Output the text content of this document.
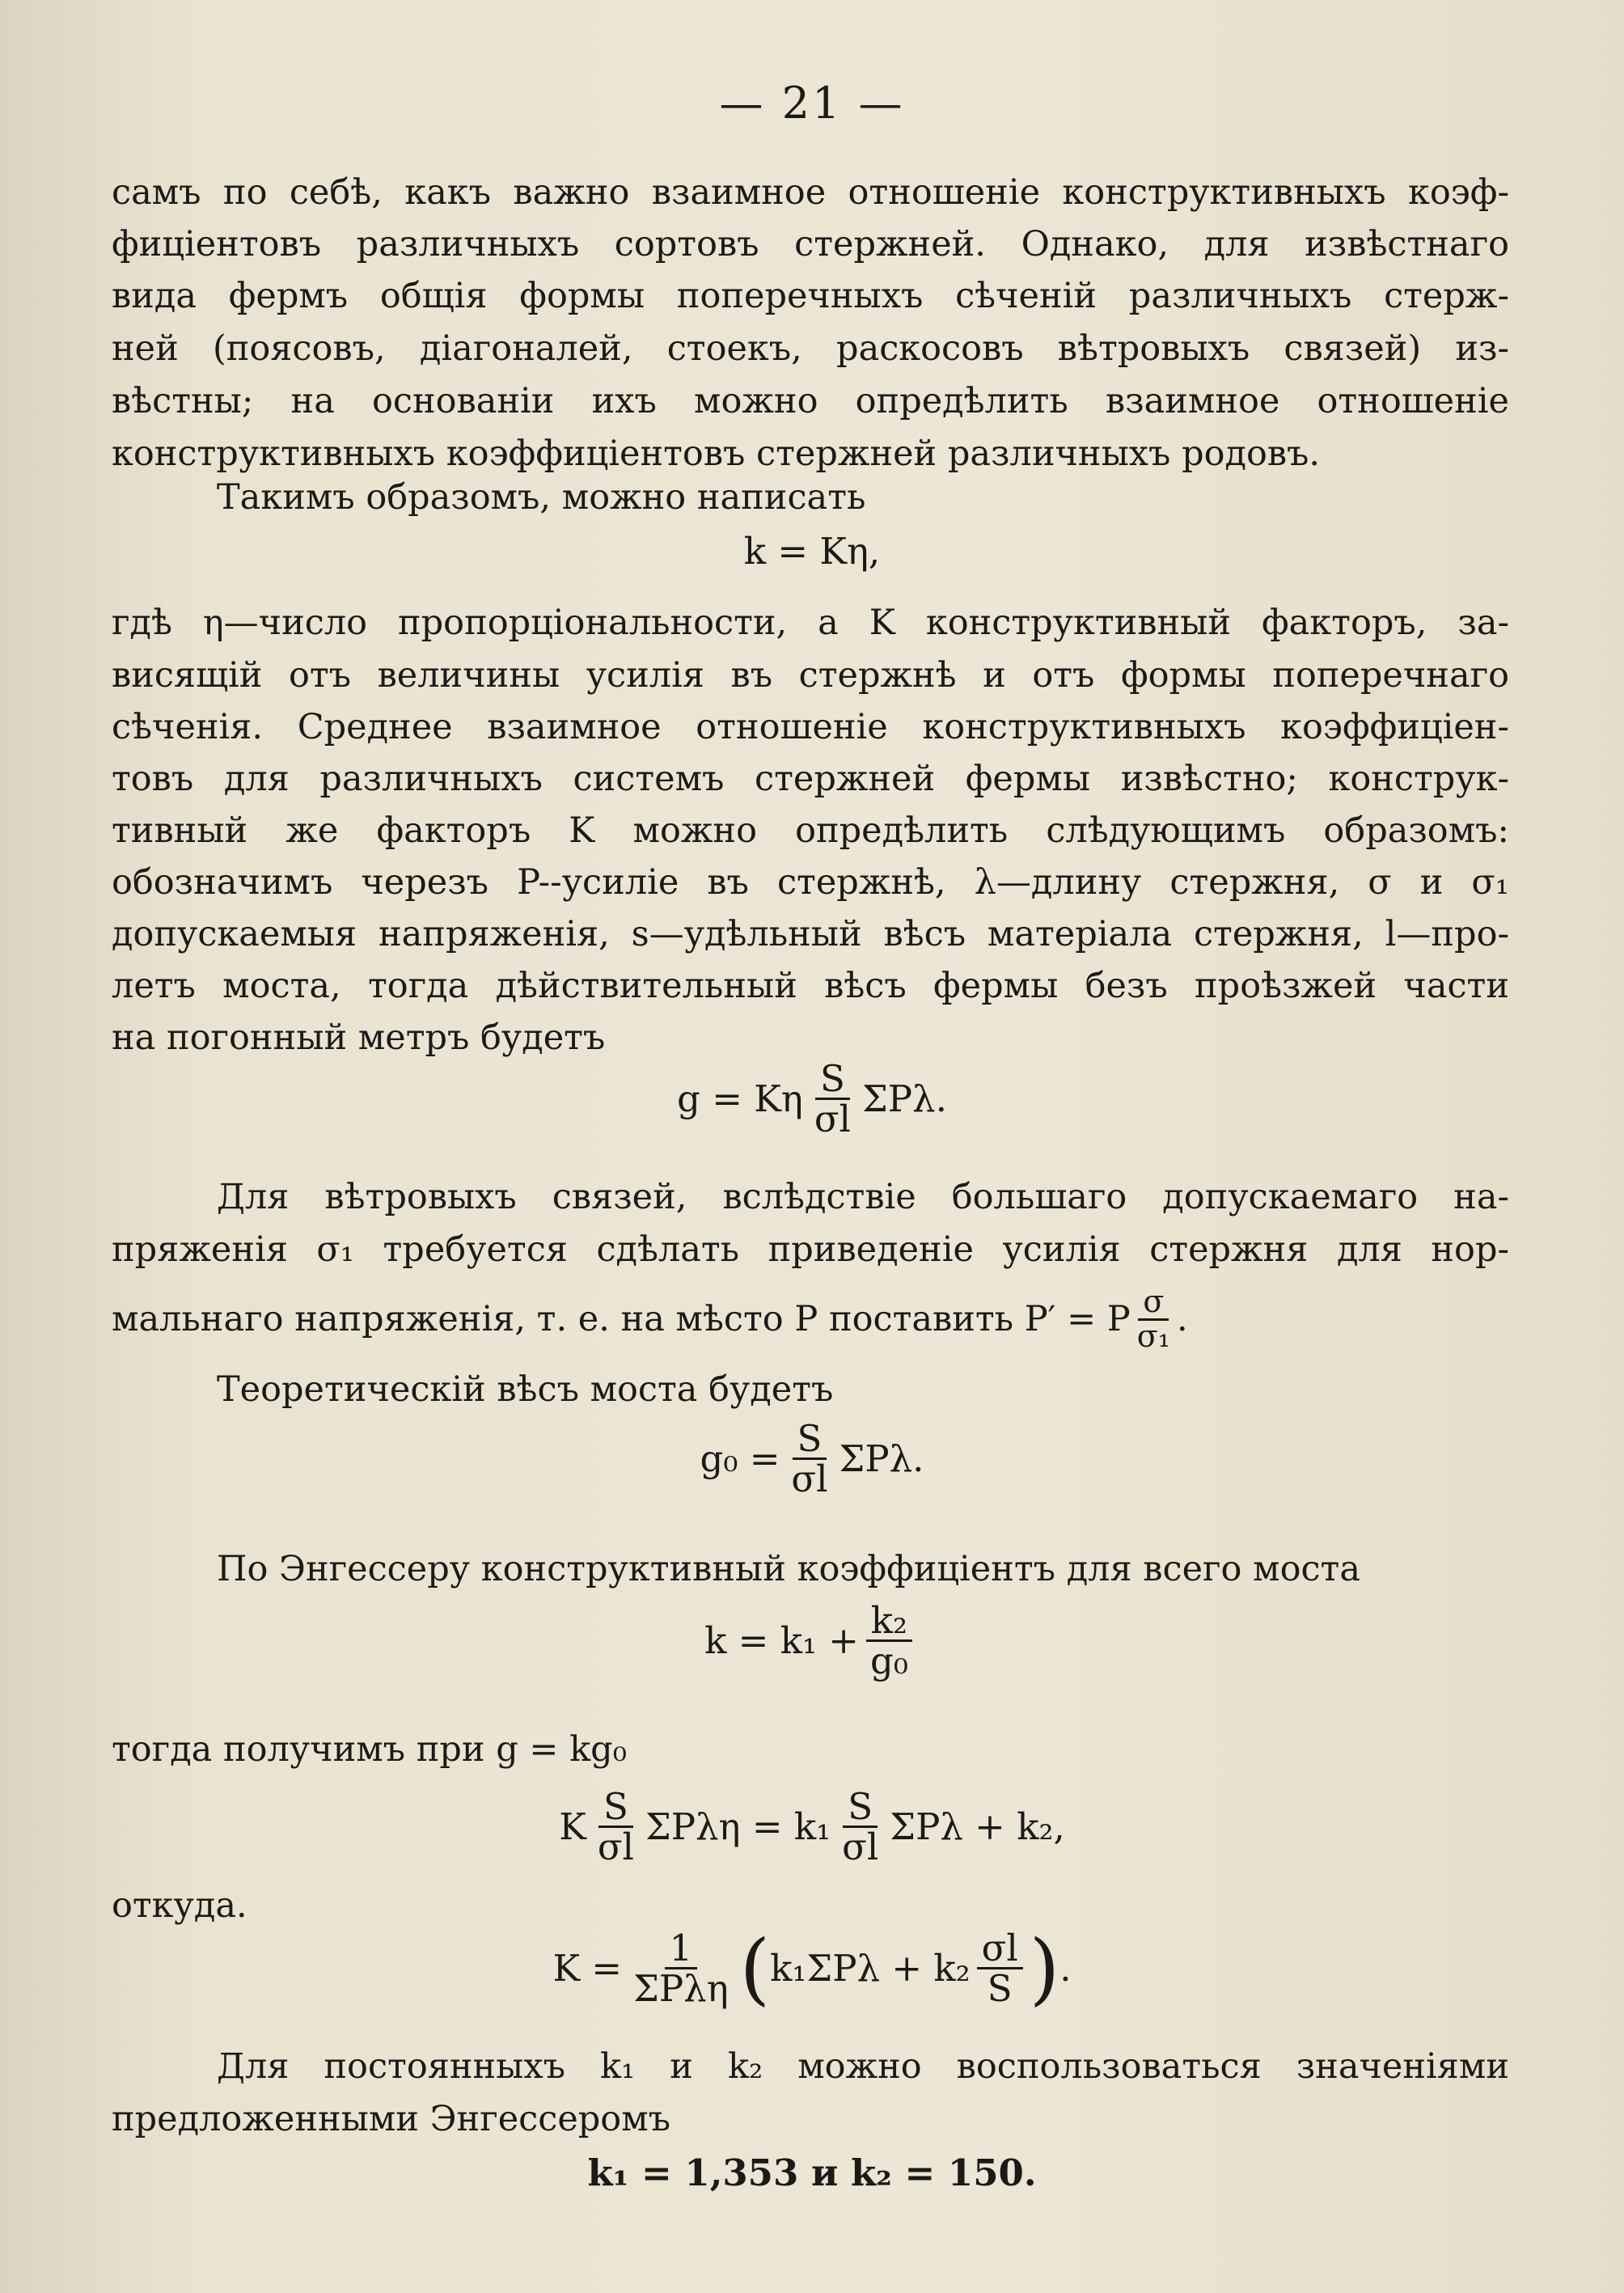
— 21 —
самъ по себѣ, какъ важно взаимное отношеніе конструктивныхъ коэф-
фиціентовъ различныхъ сортовъ стержней. Однако, для извѣстнаго
вида фермъ общія формы поперечныхъ сѣченій различныхъ стерж-
ней (поясовъ, діагоналей, стоекъ, раскосовъ вѣтровыхъ связей) из-
вѣстны; на основаніи ихъ можно опредѣлить взаимное отношеніе
конструктивныхъ коэффиціентовъ стержней различныхъ родовъ.
Такимъ образомъ, можно написать
k = Kη,
гдѣ η—число пропорціональности, а K конструктивный факторъ, за-
висящій отъ величины усилія въ стержнѣ и отъ формы поперечнаго
сѣченія. Среднее взаимное отношеніе конструктивныхъ коэффиціен-
товъ для различныхъ системъ стержней фермы извѣстно; конструк-
тивный же факторъ K можно опредѣлить слѣдующимъ образомъ:
обозначимъ черезъ P--усиліе въ стержнѣ, λ—длину стержня, σ и σ₁
допускаемыя напряженія, s—удѣльный вѣсъ матеріала стержня, l—про-
летъ моста, тогда дѣйствительный вѣсъ фермы безъ проѣзжей части
на погонный метръ будетъ
g = Kη $\frac{S}{\sigma l} \Sigma P\lambda$.
Для вѣтровыхъ связей, вслѣдствіе большаго допускаемаго на-
пряженія σ₁ требуется сдѣлать приведеніе усилія стержня для нор-
мальнаго напряженія, т. е. на мѣсто P поставить P′ = P $\frac{\sigma}{\text{σ₁}}$ .
Теоретическій вѣсъ моста будетъ
$g_0 = \frac{S}{\sigma l} \Sigma P\lambda$.
По Энгессеру конструктивный коэффиціентъ для всего моста
$k = k_1 + \frac{\text{k₂}}{\text{g₀}}$
тогда получимъ при g = kg₀
K $\frac{S}{\sigma l}$ $\Sigma P\lambda\eta = k_1 \frac{S}{\sigma l}$ ΣPλ + k₂,
откуда.
$K = \frac{1}{\text{ΣPλη}}$ ( $k_1\Sigma P\lambda + k_2 \frac{\sigma l}{S}$ ) .
Для постоянныхъ k₁ и k₂ можно воспользоваться значеніями
предложенными Энгессеромъ
k₁ = 1,353 и k₂ = 150.
